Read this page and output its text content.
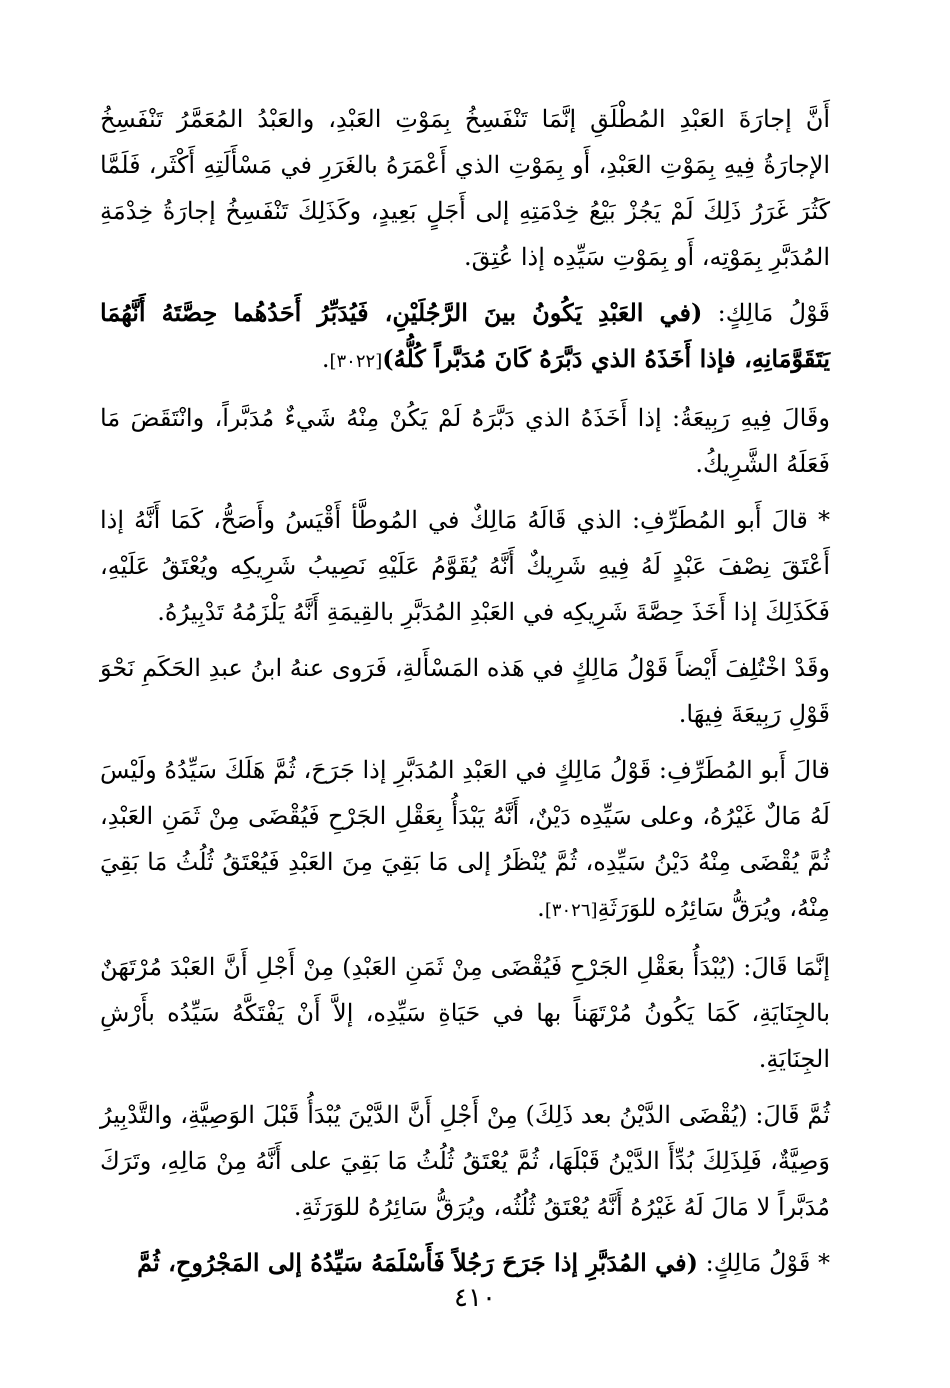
أَنَّ إجارَةَ العَبْدِ المُطْلَقِ إنَّمَا تَنْفَسِخُ بِمَوْتِ العَبْدِ، والعَبْدُ المُعَمَّرُ تَنْفَسِخُ الإجارَةُ فِيهِ بِمَوْتِ العَبْدِ، أَو بِمَوْتِ الذي أَعْمَرَهُ بالغَرَرِ في مَسْأَلَتِهِ أَكْثَر، فَلَمَّا كَثُرَ غَرَرُ ذَلِكَ لَمْ يَجُزْ بَيْعُ خِدْمَتِهِ إلى أَجَلٍ بَعِيدٍ، وكَذَلِكَ تَنْفَسِخُ إجارَةُ خِدْمَةِ المُدَبَّرِ بِمَوْتِه، أَو بِمَوْتِ سَيِّدِه إذا عُتِقَ.

قَوْلُ مَالِكٍ: (في العَبْدِ يَكُونُ بينَ الرَّجُلَيْنِ، فَيُدَبِّرُ أَحَدُهُما حِصَّتَهُ أَنَّهُمَا يَتَقَوَّمَانِهِ، فإذا أَخَذَهُ الذي دَبَّرَهُ كَانَ مُدَبَّراً كُلُّهُ)[٣٠٢٢].

وقَالَ فِيهِ رَبِيعَةُ: إذا أَخَذَهُ الذي دَبَّرَهُ لَمْ يَكُنْ مِنْهُ شَيءٌ مُدَبَّراً، وانْتَقَضَ مَا فَعَلَهُ الشَّرِيكُ.

* قالَ أَبو المُطَرِّفِ: الذي قَالَهُ مَالِكٌ في المُوطَّأ أَقْيَسُ وأَصَحُّ، كَمَا أَنَّهُ إذا أَعْتَقَ نِصْفَ عَبْدٍ لَهُ فِيهِ شَرِيكٌ أَنَّهُ يُقَوَّمُ عَلَيْهِ نَصِيبُ شَرِيكِه ويُعْتَقُ عَلَيْهِ، فَكَذَلِكَ إذا أَخَذَ حِصَّةَ شَرِيكِه في العَبْدِ المُدَبَّرِ بالقِيمَةِ أَنَّهُ يَلْزَمُهُ تَدْبِيرُهُ.

وقَدْ اخْتُلِفَ أَيْضاً قَوْلُ مَالِكٍ في هَذه المَسْأَلةِ، فَرَوى عنهُ ابنُ عبدِ الحَكَمِ نَحْوَ قَوْلِ رَبِيعَةَ فِيهَا.

قالَ أَبو المُطَرِّفِ: قَوْلُ مَالِكٍ في العَبْدِ المُدَبَّرِ إذا جَرَحَ، ثُمَّ هَلَكَ سَيِّدُهُ ولَيْسَ لَهُ مَالٌ غَيْرُهُ، وعلى سَيِّدِه دَيْنٌ، أَنَّهُ يَبْدَأُ بِعَقْلِ الجَرْحِ فَيُقْضَى مِنْ ثَمَنِ العَبْدِ، ثُمَّ يُقْضَى مِنْهُ دَيْنُ سَيِّدِه، ثُمَّ يُنْظَرُ إلى مَا بَقِيَ مِنَ العَبْدِ فَيُعْتَقُ ثُلُثُ مَا بَقِيَ مِنْهُ، ويُرَقُّ سَائِرُه للوَرَثَةِ[٣٠٢٦].

إنَّمَا قَالَ: (يُبْدَأُ بعَقْلِ الجَرْحِ فَيُقْضَى مِنْ ثَمَنِ العَبْدِ) مِنْ أَجْلِ أَنَّ العَبْدَ مُرْتَهَنٌ بالجِنَايَةِ، كَمَا يَكُونُ مُرْتَهَناً بها في حَيَاةِ سَيِّدِه، إلاَّ أَنْ يَفْتَكَّهُ سَيِّدُه بأَرْشِ الجِنَايَةِ.

ثُمَّ قَالَ: (يُقْضَى الدَّيْنُ بعد ذَلِكَ) مِنْ أَجْلِ أَنَّ الدَّيْنَ يُبْدَأُ قَبْلَ الوَصِيَّةِ، والتَّدْبِيرُ وَصِيَّةٌ، فَلِذَلِكَ بُدِّأَ الدَّيْنُ قَبْلَهَا، ثُمَّ يُعْتَقُ ثُلُثُ مَا بَقِيَ على أَنَّهُ مِنْ مَالِهِ، وتَرَكَ مُدَبَّراً لا مَالَ لَهُ غَيْرُهُ أَنَّهُ يُعْتَقُ ثُلُثُه، ويُرَقُّ سَائِرُهُ للوَرَثَةِ.

* قَوْلُ مَالِكٍ: (في المُدَبَّرِ إذا جَرَحَ رَجُلاً فَأَسْلَمَهُ سَيِّدُهُ إلى المَجْرُوحِ، ثُمَّ

٤١٠
